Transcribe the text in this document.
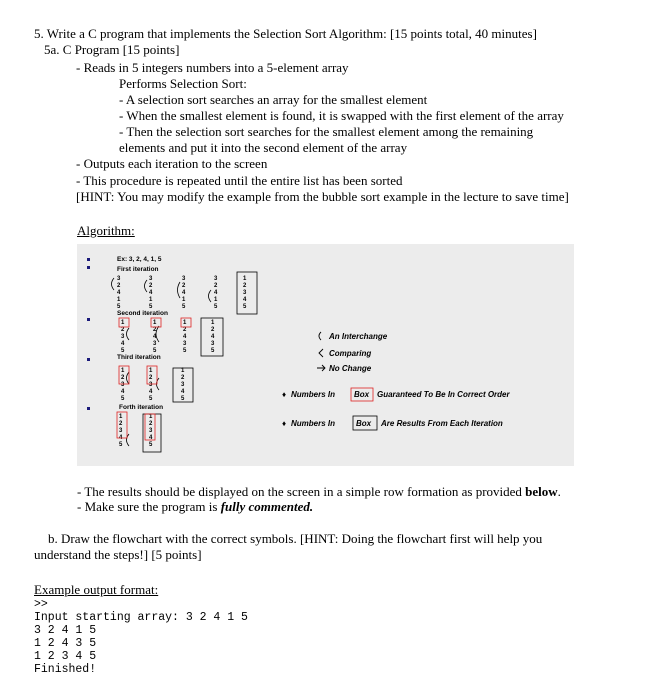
5. Write a C program that implements the Selection Sort Algorithm: [15 points total, 40 minutes]
5a. C Program [15 points]
- Reads in 5 integers numbers into a 5-element array
Performs Selection Sort:
- A selection sort searches an array for the smallest element
- When the smallest element is found, it is swapped with the first element of the array
- Then the selection sort searches for the smallest element among the remaining
elements and put it into the second element of the array
- Outputs each iteration to the screen
- This procedure is repeated until the entire list has been sorted
[HINT: You may modify the example from the bubble sort example in the lecture to save time]
Algorithm:
Ex: 3, 2, 4, 1, 5
First iteration
Second iteration
Third iteration
Forth iteration
3
2
4
1
5
3
2
4
1
5
3
2
4
1
5
3
2
4
1
5
1
2
3
4
5
1
2
3
4
5
1
2
4
3
5
1
2
4
3
5
1
2
4
3
5
1
2
3
4
5
1
2
3
4
5
1
2
3
4
5
1
2
3
4
5
1
2
3
4
5
An Interchange
Comparing
No Change
♦ Numbers In Box Guaranteed To Be In Correct Order
♦ Numbers In	Box Are Results From Each Iteration
- The results should be displayed on the screen in a simple row formation as provided below.
- Make sure the program is fully commented.
b. Draw the flowchart with the correct symbols. [HINT: Doing the flowchart first will help you
understand the steps!] [5 points]
Example output format:
>>
Input starting array: 3 2 4 1 5
3 2 4 1 5
1 2 4 3 5
1 2 3 4 5
Finished!
